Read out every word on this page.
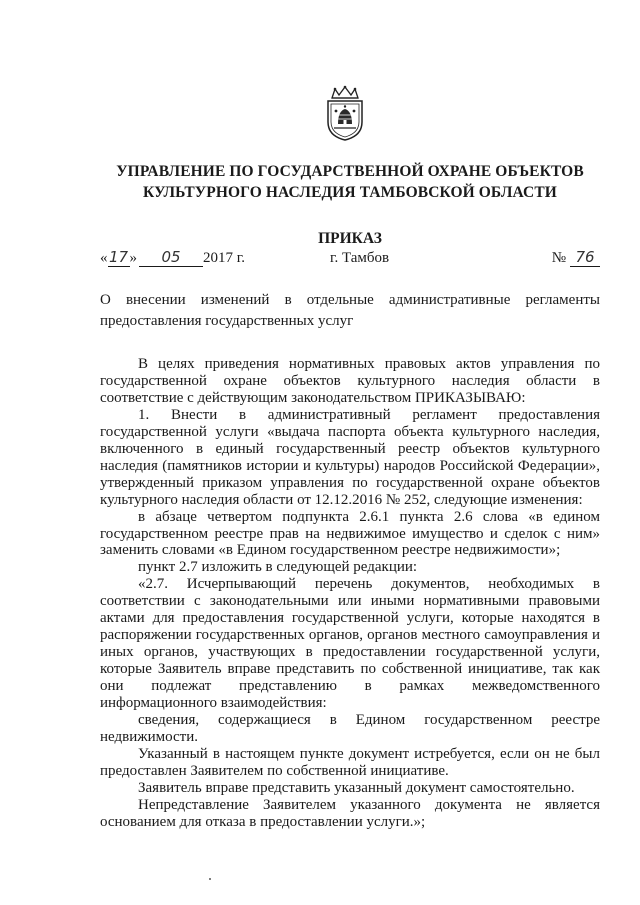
УПРАВЛЕНИЕ ПО ГОСУДАРСТВЕННОЙ ОХРАНЕ ОБЪЕКТОВ
КУЛЬТУРНОГО НАСЛЕДИЯ ТАМБОВСКОЙ ОБЛАСТИ
ПРИКАЗ
«17» 05 2017 г.	г. Тамбов	№ 76
О внесении изменений в отдельные административные регламенты
предоставления государственных услуг

В целях приведения нормативных правовых актов управления по государственной охране объектов культурного наследия области в соответствие с действующим законодательством ПРИКАЗЫВАЮ:

1. Внести в административный регламент предоставления государственной услуги «выдача паспорта объекта культурного наследия, включенного в единый государственный реестр объектов культурного наследия (памятников истории и культуры) народов Российской Федерации», утвержденный приказом управления по государственной охране объектов культурного наследия области от 12.12.2016 № 252, следующие изменения:

в абзаце четвертом подпункта 2.6.1 пункта 2.6 слова «в едином государственном реестре прав на недвижимое имущество и сделок с ним» заменить словами «в Едином государственном реестре недвижимости»;

пункт 2.7 изложить в следующей редакции:

«2.7. Исчерпывающий перечень документов, необходимых в соответствии с законодательными или иными нормативными правовыми актами для предоставления государственной услуги, которые находятся в распоряжении государственных органов, органов местного самоуправления и иных органов, участвующих в предоставлении государственной услуги, которые Заявитель вправе представить по собственной инициативе, так как они подлежат представлению в рамках межведомственного информационного взаимодействия:

сведения, содержащиеся в Едином государственном реестре недвижимости.

Указанный в настоящем пункте документ истребуется, если он не был предоставлен Заявителем по собственной инициативе.

Заявитель вправе представить указанный документ самостоятельно.

Непредставление Заявителем указанного документа не является основанием для отказа в предоставлении услуги.»;
